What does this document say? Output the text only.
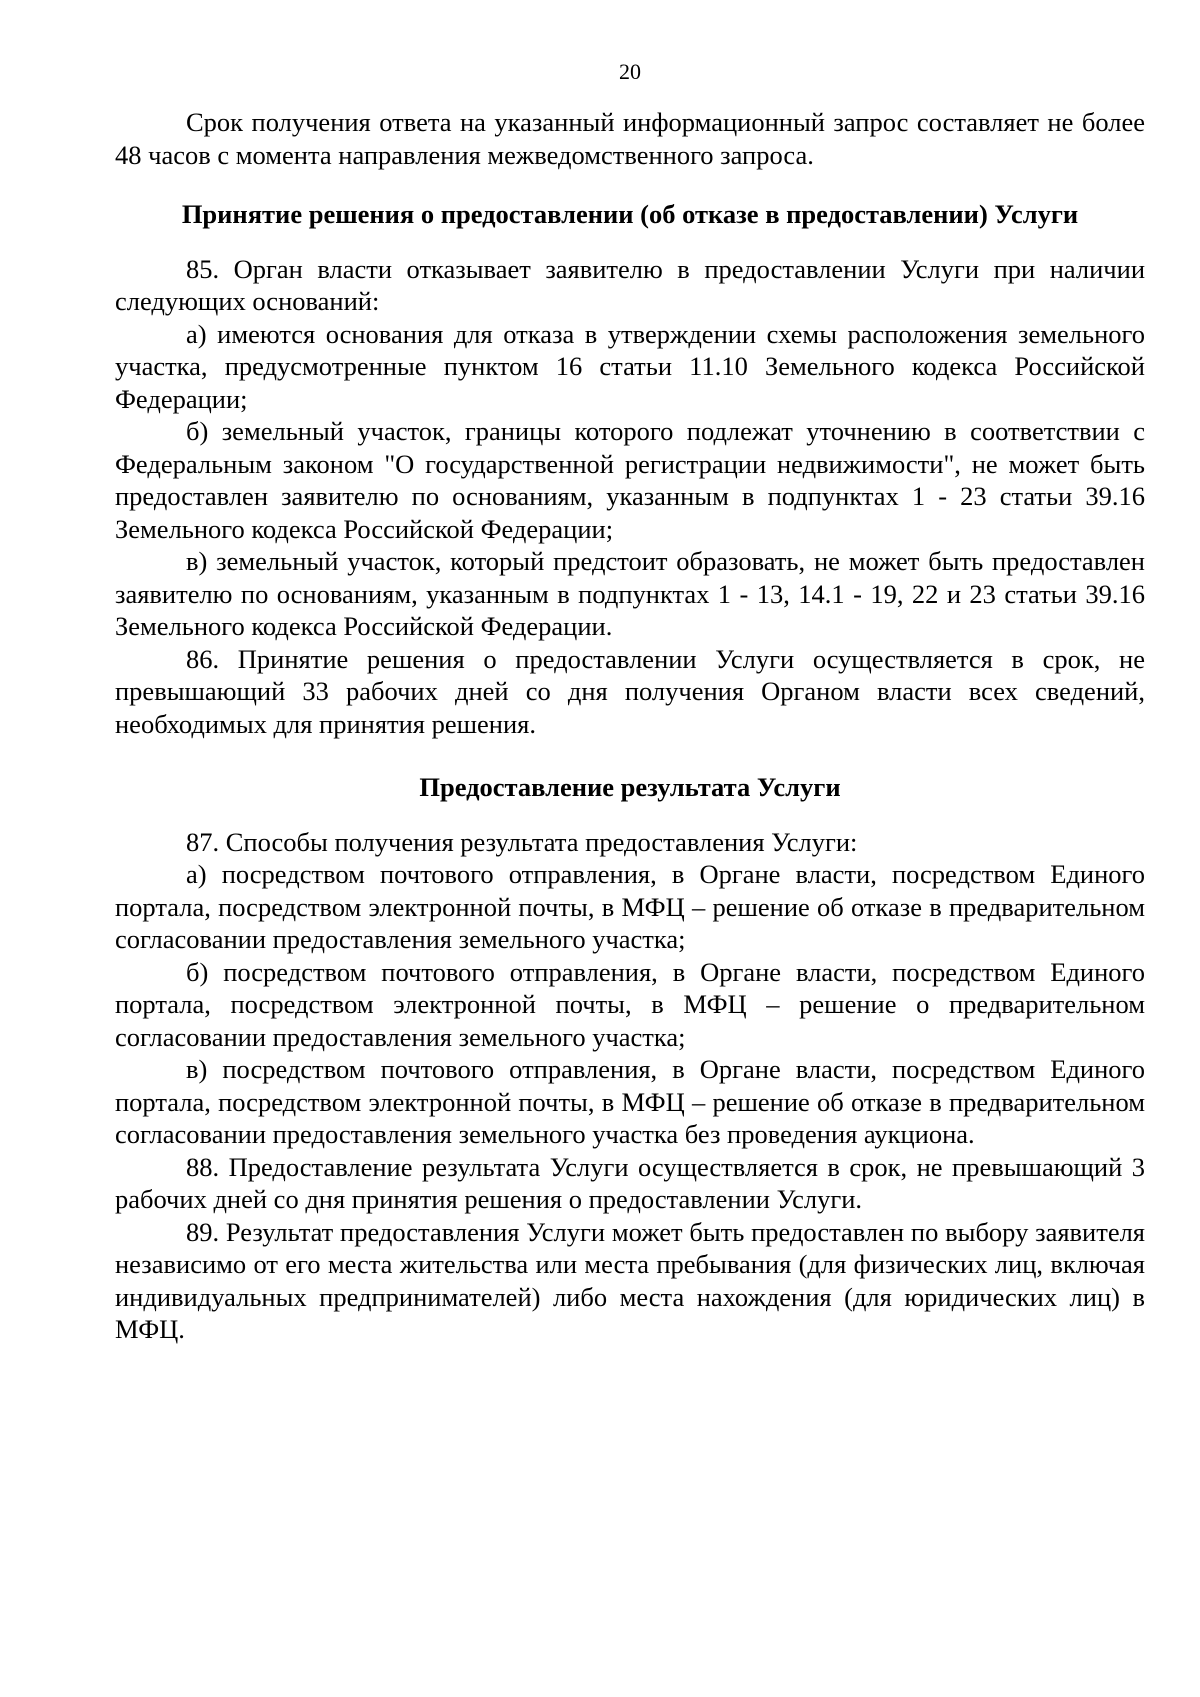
20

Срок получения ответа на указанный информационный запрос составляет не более 48 часов с момента направления межведомственного запроса.

Принятие решения о предоставлении (об отказе в предоставлении) Услуги

85. Орган власти отказывает заявителю в предоставлении Услуги при наличии следующих оснований:

а) имеются основания для отказа в утверждении схемы расположения земельного участка, предусмотренные пунктом 16 статьи 11.10 Земельного кодекса Российской Федерации;

б) земельный участок, границы которого подлежат уточнению в соответствии с Федеральным законом "О государственной регистрации недвижимости", не может быть предоставлен заявителю по основаниям, указанным в подпунктах 1 - 23 статьи 39.16 Земельного кодекса Российской Федерации;

в) земельный участок, который предстоит образовать, не может быть предоставлен заявителю по основаниям, указанным в подпунктах 1 - 13, 14.1 - 19, 22 и 23 статьи 39.16 Земельного кодекса Российской Федерации.

86. Принятие решения о предоставлении Услуги осуществляется в срок, не превышающий 33 рабочих дней со дня получения Органом власти всех сведений, необходимых для принятия решения.

Предоставление результата Услуги

87. Способы получения результата предоставления Услуги:

а) посредством почтового отправления, в Органе власти, посредством Единого портала, посредством электронной почты, в МФЦ – решение об отказе в предварительном согласовании предоставления земельного участка;

б) посредством почтового отправления, в Органе власти, посредством Единого портала, посредством электронной почты, в МФЦ – решение о предварительном согласовании предоставления земельного участка;

в) посредством почтового отправления, в Органе власти, посредством Единого портала, посредством электронной почты, в МФЦ – решение об отказе в предварительном согласовании предоставления земельного участка без проведения аукциона.

88. Предоставление результата Услуги осуществляется в срок, не превышающий 3 рабочих дней со дня принятия решения о предоставлении Услуги.

89. Результат предоставления Услуги может быть предоставлен по выбору заявителя независимо от его места жительства или места пребывания (для физических лиц, включая индивидуальных предпринимателей) либо места нахождения (для юридических лиц) в МФЦ.
